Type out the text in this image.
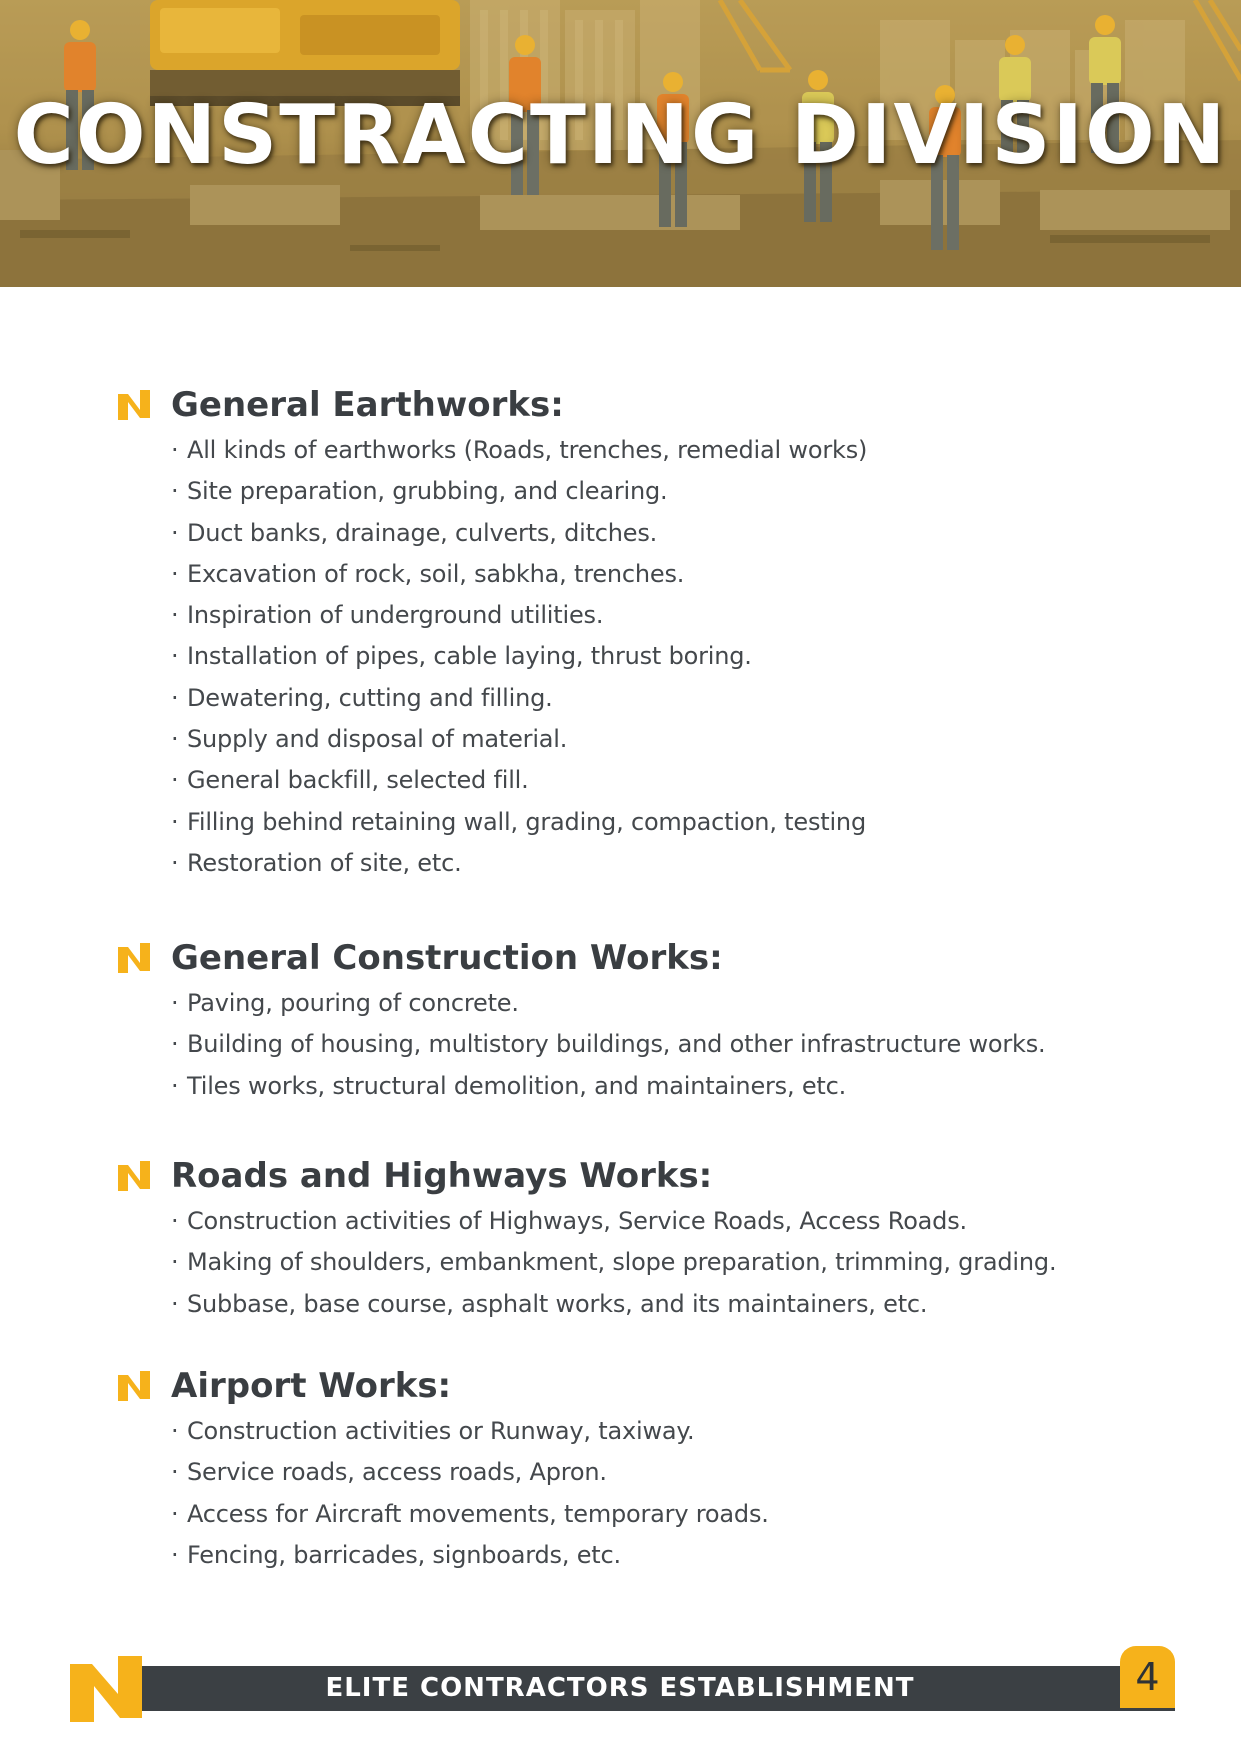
CONSTRACTING DIVISION
General Earthworks:
· All kinds of earthworks (Roads, trenches, remedial works)
· Site preparation, grubbing, and clearing.
· Duct banks, drainage, culverts, ditches.
· Excavation of rock, soil, sabkha, trenches.
· Inspiration of underground utilities.
· Installation of pipes, cable laying, thrust boring.
· Dewatering, cutting and filling.
· Supply and disposal of material.
· General backfill, selected fill.
· Filling behind retaining wall, grading, compaction, testing
· Restoration of site, etc.
General Construction Works:
· Paving, pouring of concrete.
· Building of housing, multistory buildings, and other infrastructure works.
· Tiles works, structural demolition, and maintainers, etc.
Roads and Highways Works:
· Construction activities of Highways, Service Roads, Access Roads.
· Making of shoulders, embankment, slope preparation, trimming, grading.
· Subbase, base course, asphalt works, and its maintainers, etc.
Airport Works:
· Construction activities or Runway, taxiway.
· Service roads, access roads, Apron.
· Access for Aircraft movements, temporary roads.
· Fencing, barricades, signboards, etc.
ELITE CONTRACTORS ESTABLISHMENT	4
